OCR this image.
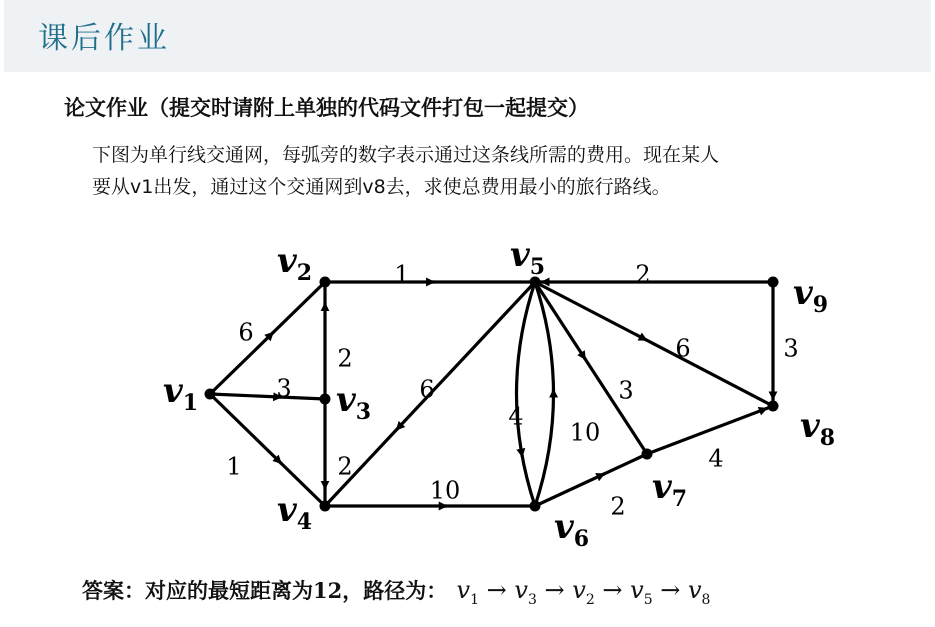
课后作业
论文作业（提交时请附上单独的代码文件打包一起提交）
下图为单行线交通网，每弧旁的数字表示通过这条线所需的费用。现在某人
要从v1出发，通过这个交通网到v8去，求使总费用最小的旅行路线。
6
3
1
2
1
2
6
10
4
10
2
3
6
4
2
3
v1
v2
v3
v4
v5
v6
v7
v8
v9
答案：对应的最短距离为12，路径为： $v_1 \to v_3 \to v_2 \to v_5 \to v_8$
